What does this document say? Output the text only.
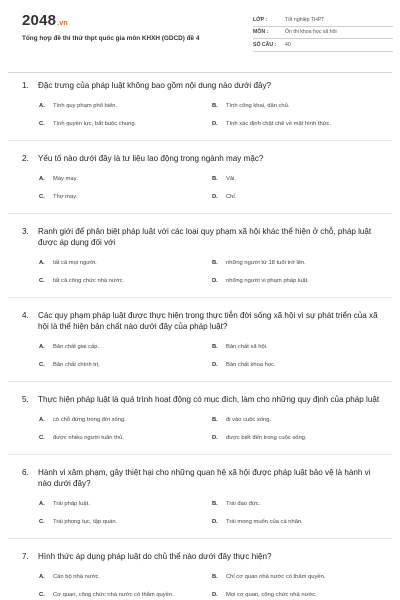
2048.vn
Tổng hợp đề thi thử thpt quốc gia môn KHXH (GDCD) đề 4
LỚP :	Tốt nghiệp THPT
MÔN :	Ôn thi khoa học xã hội
SỐ CÂU :	40
1.	Đặc trưng của pháp luật không bao gồm nội dung nào dưới đây?
A.	Tính quy phạm phổ biến.	B.	Tính công khai, dân chủ.
C.	Tính quyền lực, bắt buộc chung.	D.	Tính xác định chặt chẽ về mặt hình thức.
2.	Yếu tố nào dưới đây là tư liệu lao động trong ngành may mặc?
A.	Máy may.	B.	Vải.
C.	Thợ may.	D.	Chỉ.
3.	Ranh giới để phân biệt pháp luật với các loại quy phạm xã hội khác thể hiện ở chỗ, pháp luật được áp dụng đối với
A.	tất cả mọi người.	B.	những người từ 18 tuổi trở lên.
C.	tất cả công chức nhà nước.	D.	những người vi phạm pháp luật.
4.	Các quy phạm pháp luật được thực hiện trong thực tiễn đời sống xã hội vì sự phát triển của xã hội là thể hiện bản chất nào dưới đây của pháp luật?
A.	Bản chất giai cấp.	B.	Bản chất xã hội.
C.	Bản chất chính trị.	D.	Bản chất khoa học.
5.	Thực hiện pháp luật là quá trình hoạt động có mục đích, làm cho những quy định của pháp luật
A.	có chỗ đứng trong đời sống.	B.	đi vào cuộc sống.
C.	được nhiều người tuân thủ.	D.	được biết đến trong cuộc sống.
6.	Hành vi xâm phạm, gây thiệt hại cho những quan hệ xã hội được pháp luật bảo vệ là hành vi nào dưới đây?
A.	Trái pháp luật.	B.	Trái đạo đức.
C.	Trái phong tục, tập quán.	D.	Trái mong muốn của cá nhân.
7.	Hình thức áp dụng pháp luật do chủ thể nào dưới đây thực hiện?
A.	Cán bộ nhà nước.	B.	Chỉ cơ quan nhà nước có thẩm quyền.
C.	Cơ quan, công chức nhà nước có thẩm quyền.	D.	Mọi cơ quan, công chức nhà nước.
